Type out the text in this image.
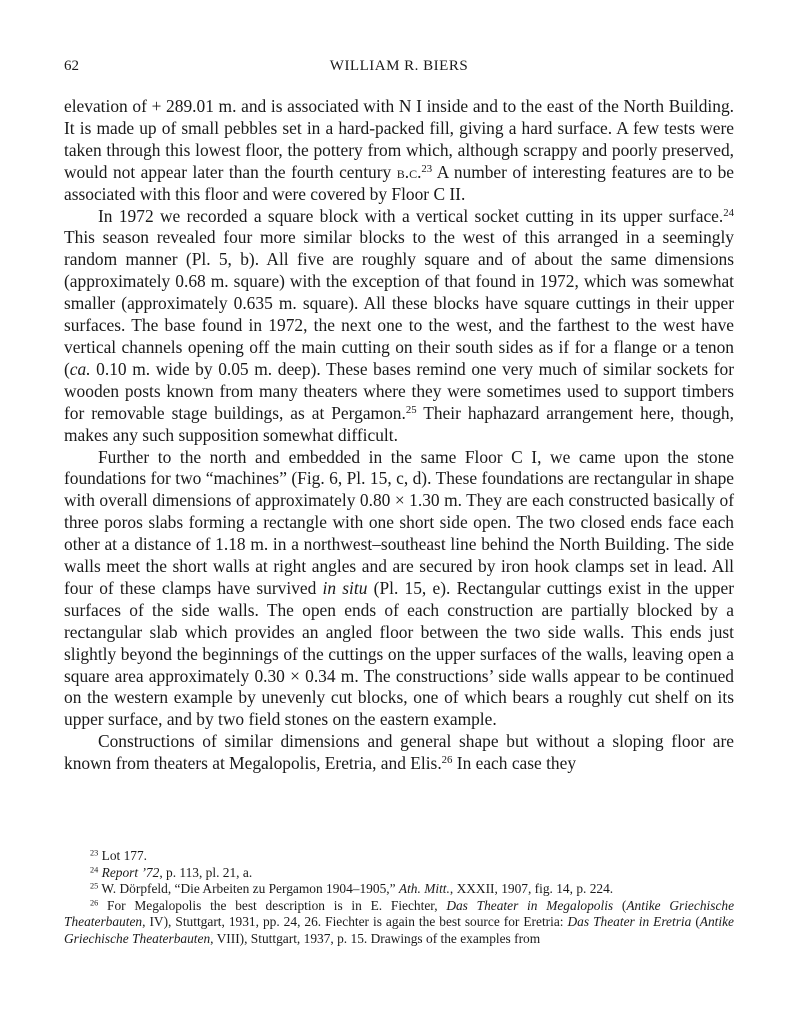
62	WILLIAM R. BIERS

elevation of + 289.01 m. and is associated with N I inside and to the east of the North Building. It is made up of small pebbles set in a hard-packed fill, giving a hard surface. A few tests were taken through this lowest floor, the pottery from which, although scrappy and poorly preserved, would not appear later than the fourth century b.c.$^{23}$ A number of interesting features are to be associated with this floor and were covered by Floor C II.

In 1972 we recorded a square block with a vertical socket cutting in its upper surface.$^{24}$ This season revealed four more similar blocks to the west of this arranged in a seemingly random manner (Pl. 5, b). All five are roughly square and of about the same dimensions (approximately 0.68 m. square) with the exception of that found in 1972, which was somewhat smaller (approximately 0.635 m. square). All these blocks have square cuttings in their upper surfaces. The base found in 1972, the next one to the west, and the farthest to the west have vertical channels opening off the main cutting on their south sides as if for a flange or a tenon (ca. 0.10 m. wide by 0.05 m. deep). These bases remind one very much of similar sockets for wooden posts known from many theaters where they were sometimes used to support timbers for removable stage buildings, as at Pergamon.$^{25}$ Their haphazard arrangement here, though, makes any such supposition somewhat difficult.

Further to the north and embedded in the same Floor C I, we came upon the stone foundations for two “machines” (Fig. 6, Pl. 15, c, d). These foundations are rectangular in shape with overall dimensions of approximately 0.80 × 1.30 m. They are each constructed basically of three poros slabs forming a rectangle with one short side open. The two closed ends face each other at a distance of 1.18 m. in a northwest–southeast line behind the North Building. The side walls meet the short walls at right angles and are secured by iron hook clamps set in lead. All four of these clamps have survived in situ (Pl. 15, e). Rectangular cuttings exist in the upper surfaces of the side walls. The open ends of each construction are partially blocked by a rectangular slab which provides an angled floor between the two side walls. This ends just slightly beyond the beginnings of the cuttings on the upper surfaces of the walls, leaving open a square area approximately 0.30 × 0.34 m. The constructions’ side walls appear to be continued on the western example by unevenly cut blocks, one of which bears a roughly cut shelf on its upper surface, and by two field stones on the eastern example.

Constructions of similar dimensions and general shape but without a sloping floor are known from theaters at Megalopolis, Eretria, and Elis.$^{26}$ In each case they

$^{23}$ Lot 177.

$^{24}$ Report ’72, p. 113, pl. 21, a.

$^{25}$ W. Dörpfeld, “Die Arbeiten zu Pergamon 1904–1905,” Ath. Mitt., XXXII, 1907, fig. 14, p. 224.

$^{26}$ For Megalopolis the best description is in E. Fiechter, Das Theater in Megalopolis (Antike Griechische Theaterbauten, IV), Stuttgart, 1931, pp. 24, 26. Fiechter is again the best source for Eretria: Das Theater in Eretria (Antike Griechische Theaterbauten, VIII), Stuttgart, 1937, p. 15. Drawings of the examples from
